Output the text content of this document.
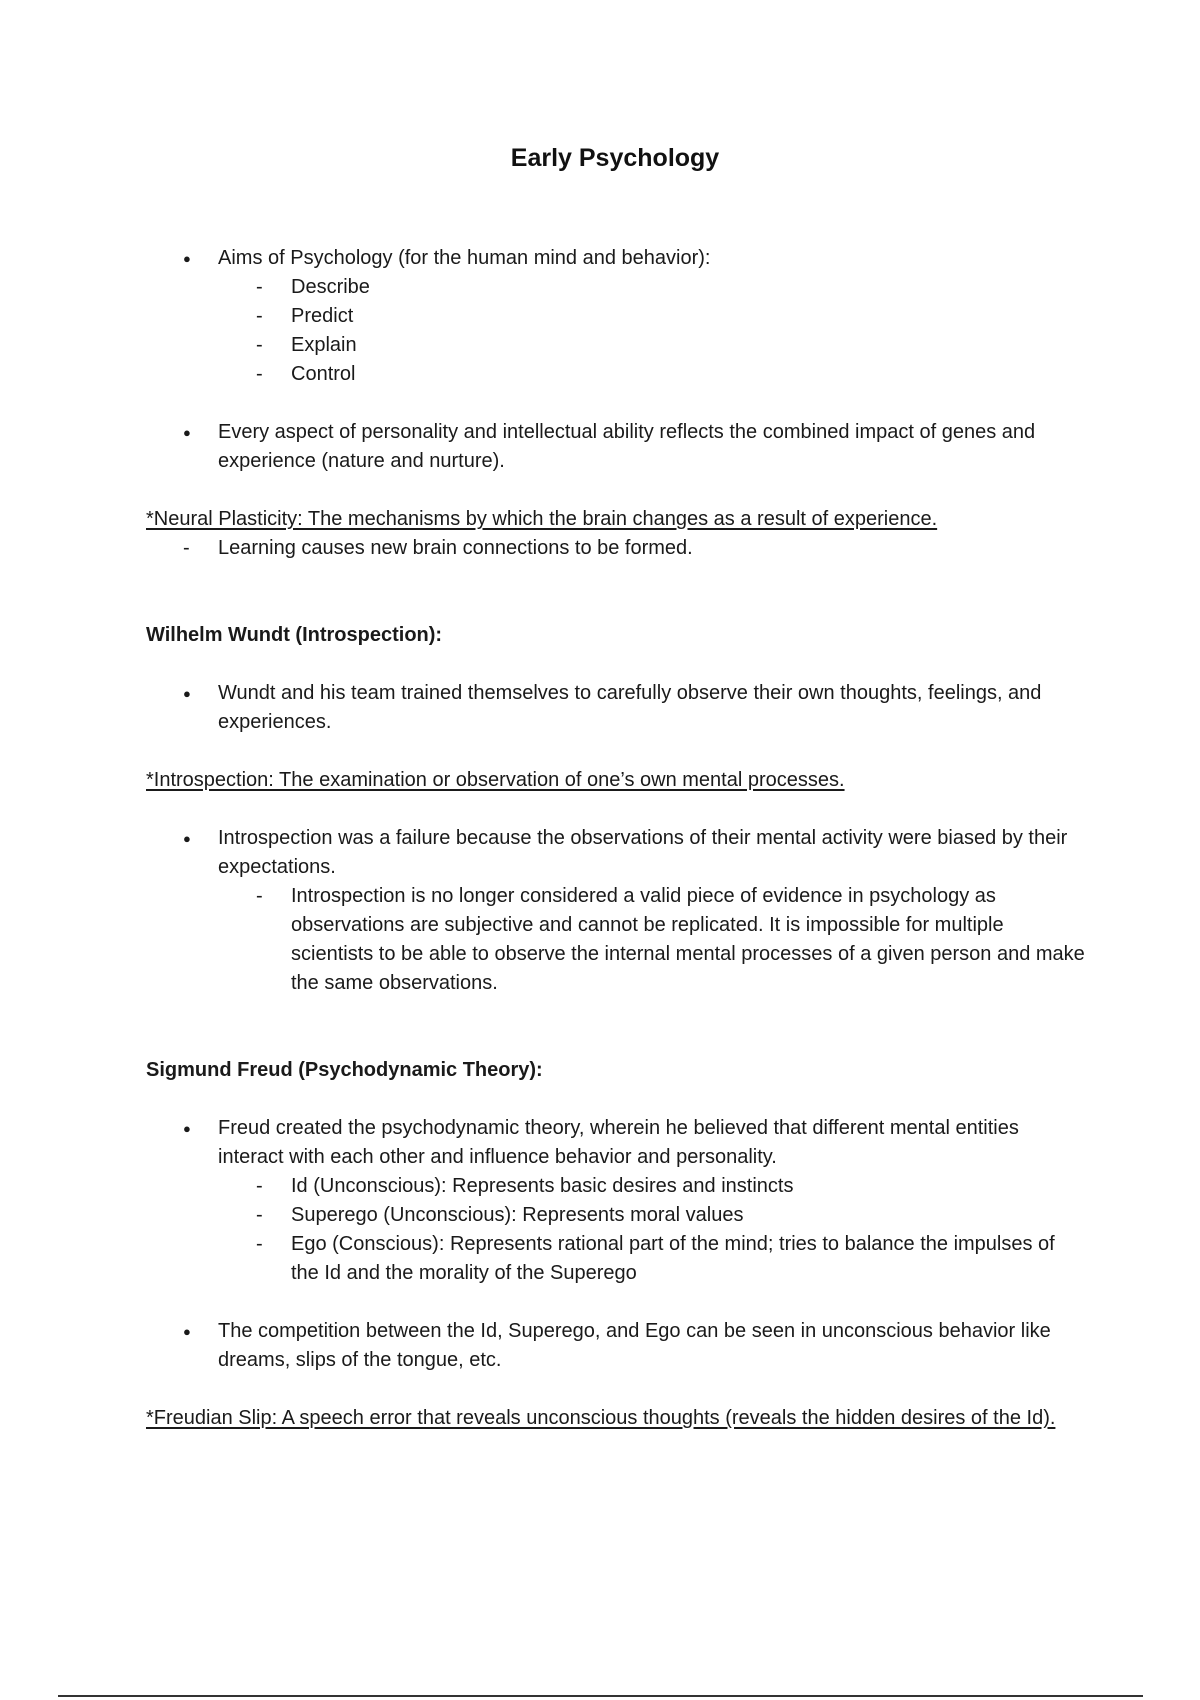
Early Psychology
● Aims of Psychology (for the human mind and behavior):
- Describe
- Predict
- Explain
- Control
● Every aspect of personality and intellectual ability reflects the combined impact of genes and experience (nature and nurture).
*Neural Plasticity: The mechanisms by which the brain changes as a result of experience.
- Learning causes new brain connections to be formed.
Wilhelm Wundt (Introspection):
● Wundt and his team trained themselves to carefully observe their own thoughts, feelings, and experiences.
*Introspection: The examination or observation of one’s own mental processes.
● Introspection was a failure because the observations of their mental activity were biased by their expectations.
- Introspection is no longer considered a valid piece of evidence in psychology as observations are subjective and cannot be replicated. It is impossible for multiple scientists to be able to observe the internal mental processes of a given person and make the same observations.
Sigmund Freud (Psychodynamic Theory):
● Freud created the psychodynamic theory, wherein he believed that different mental entities interact with each other and influence behavior and personality.
- Id (Unconscious): Represents basic desires and instincts
- Superego (Unconscious): Represents moral values
- Ego (Conscious): Represents rational part of the mind; tries to balance the impulses of the Id and the morality of the Superego
● The competition between the Id, Superego, and Ego can be seen in unconscious behavior like dreams, slips of the tongue, etc.
*Freudian Slip: A speech error that reveals unconscious thoughts (reveals the hidden desires of the Id).
